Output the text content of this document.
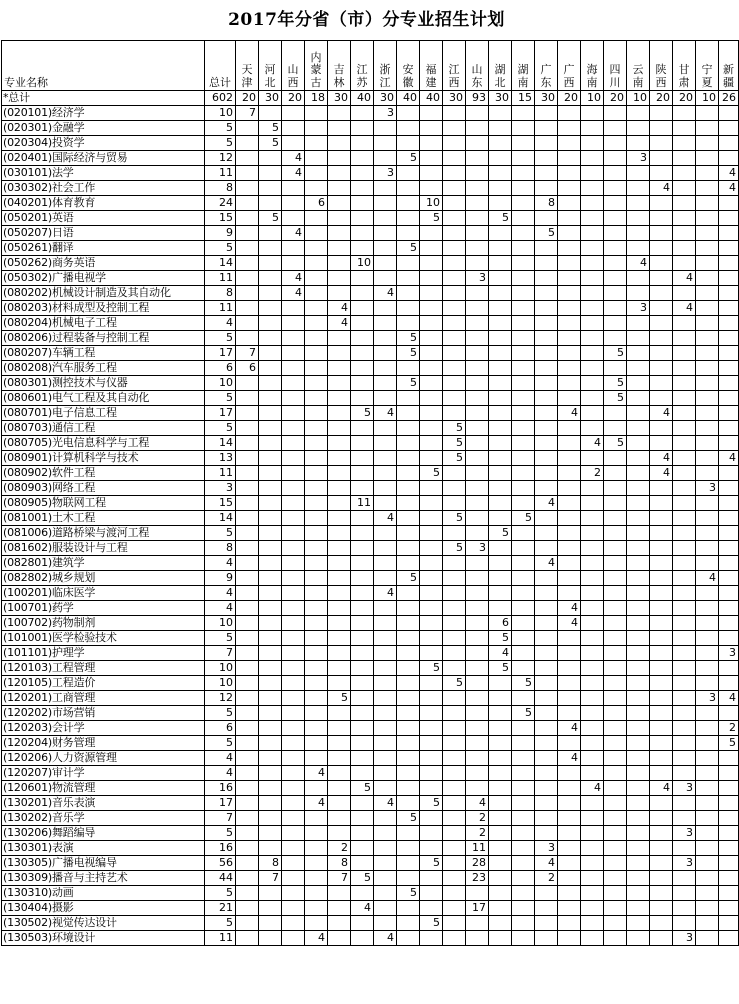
2017年分省（市）分专业招生计划
专业名称	总计	天津	河北	山西	内蒙古	吉林	江苏	浙江	安徽	福建	江西	山东	湖北	湖南	广东	广西	海南	四川	云南	陕西	甘肃	宁夏	新疆
*总计	602	20	30	20	18	30	40	30	40	40	30	93	30	15	30	20	10	20	10	20	20	10	26
(020101)经济学	10	7						3															
(020301)金融学	5		5																				
(020304)投资学	5		5																				
(020401)国际经济与贸易	12			4					5										3				
(030101)法学	11			4				3															4
(030302)社会工作	8																			4			4
(040201)体育教育	24				6					10					8								
(050201)英语	15		5							5			5										
(050207)日语	9			4											5								
(050261)翻译	5								5														
(050262)商务英语	14						10												4				
(050302)广播电视学	11			4								3									4		
(080202)机械设计制造及其自动化	8			4				4															
(080203)材料成型及控制工程	11					4													3		4		
(080204)机械电子工程	4					4																	
(080206)过程装备与控制工程	5								5														
(080207)车辆工程	17	7							5									5					
(080208)汽车服务工程	6	6																					
(080301)测控技术与仪器	10								5									5					
(080601)电气工程及其自动化	5																	5					
(080701)电子信息工程	17						5	4								4				4			
(080703)通信工程	5										5												
(080705)光电信息科学与工程	14										5						4	5					
(080901)计算机科学与技术	13										5									4			4
(080902)软件工程	11									5							2			4			
(080903)网络工程	3																					3	
(080905)物联网工程	15						11								4								
(081001)土木工程	14							4			5			5									
(081006)道路桥梁与渡河工程	5												5										
(081602)服装设计与工程	8										5	3											
(082801)建筑学	4														4								
(082802)城乡规划	9								5													4	
(100201)临床医学	4							4															
(100701)药学	4															4							
(100702)药物制剂	10												6			4							
(101001)医学检验技术	5												5										
(101101)护理学	7												4										3
(120103)工程管理	10									5			5										
(120105)工程造价	10										5			5									
(120201)工商管理	12					5																3	4
(120202)市场营销	5													5									
(120203)会计学	6															4							2
(120204)财务管理	5																						5
(120206)人力资源管理	4															4							
(120207)审计学	4				4																		
(120601)物流管理	16						5										4			4	3		
(130201)音乐表演	17				4			4		5		4											
(130202)音乐学	7								5			2											
(130206)舞蹈编导	5											2									3		
(130301)表演	16					2						11			3								
(130305)广播电视编导	56		8			8				5		28			4						3		
(130309)播音与主持艺术	44		7			7	5					23			2								
(130310)动画	5								5														
(130404)摄影	21						4					17											
(130502)视觉传达设计	5									5													
(130503)环境设计	11				4			4													3		
